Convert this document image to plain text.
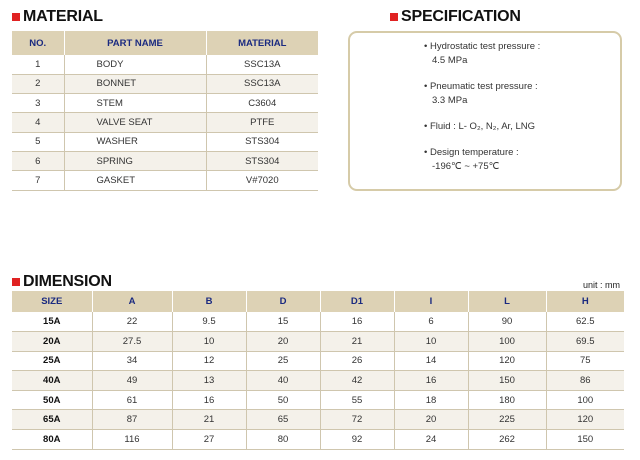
MATERIAL
NO.	PART NAME	MATERIAL
1	BODY	SSC13A
2	BONNET	SSC13A
3	STEM	C3604
4	VALVE SEAT	PTFE
5	WASHER	STS304
6	SPRING	STS304
7	GASKET	V#7020
SPECIFICATION
• Hydrostatic test pressure :
4.5 MPa
• Pneumatic test pressure :
3.3 MPa
• Fluid : L- O₂, N₂, Ar, LNG
• Design temperature :
-196℃ ~ +75℃
DIMENSION	unit : mm
SIZE	A	B	D	D1	I	L	H
15A	22	9.5	15	16	6	90	62.5
20A	27.5	10	20	21	10	100	69.5
25A	34	12	25	26	14	120	75
40A	49	13	40	42	16	150	86
50A	61	16	50	55	18	180	100
65A	87	21	65	72	20	225	120
80A	116	27	80	92	24	262	150
